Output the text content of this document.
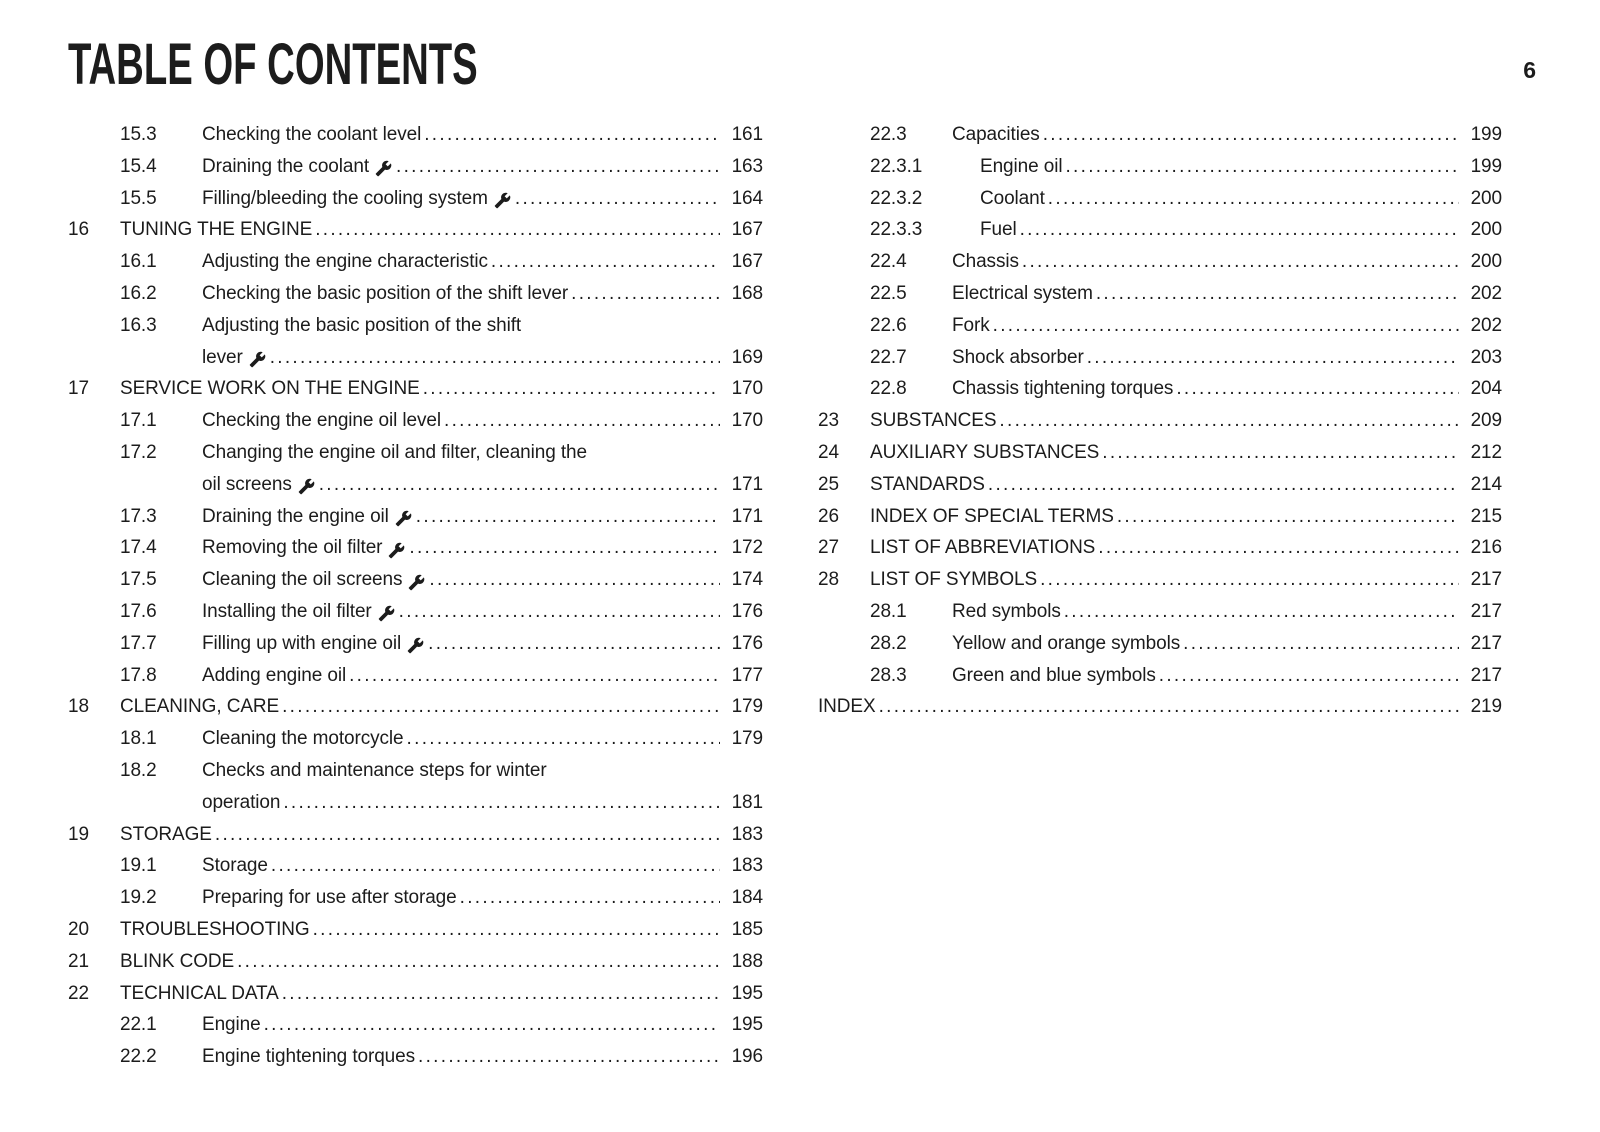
TABLE OF CONTENTS	6
15.3	Checking the coolant level .....	161
15.4	Draining the coolant .....	163
15.5	Filling/bleeding the cooling system .....	164
16	TUNING THE ENGINE .....	167
16.1	Adjusting the engine characteristic .....	167
16.2	Checking the basic position of the shift lever .....	168
16.3	Adjusting the basic position of the shift
lever .....	169
17	SERVICE WORK ON THE ENGINE .....	170
17.1	Checking the engine oil level .....	170
17.2	Changing the engine oil and filter, cleaning the
oil screens .....	171
17.3	Draining the engine oil .....	171
17.4	Removing the oil filter .....	172
17.5	Cleaning the oil screens .....	174
17.6	Installing the oil filter .....	176
17.7	Filling up with engine oil .....	176
17.8	Adding engine oil .....	177
18	CLEANING, CARE .....	179
18.1	Cleaning the motorcycle .....	179
18.2	Checks and maintenance steps for winter
operation .....	181
19	STORAGE .....	183
19.1	Storage .....	183
19.2	Preparing for use after storage .....	184
20	TROUBLESHOOTING .....	185
21	BLINK CODE .....	188
22	TECHNICAL DATA .....	195
22.1	Engine .....	195
22.2	Engine tightening torques .....	196
22.3	Capacities .....	199
22.3.1	Engine oil .....	199
22.3.2	Coolant .....	200
22.3.3	Fuel .....	200
22.4	Chassis .....	200
22.5	Electrical system .....	202
22.6	Fork .....	202
22.7	Shock absorber .....	203
22.8	Chassis tightening torques .....	204
23	SUBSTANCES .....	209
24	AUXILIARY SUBSTANCES .....	212
25	STANDARDS .....	214
26	INDEX OF SPECIAL TERMS .....	215
27	LIST OF ABBREVIATIONS .....	216
28	LIST OF SYMBOLS .....	217
28.1	Red symbols .....	217
28.2	Yellow and orange symbols .....	217
28.3	Green and blue symbols .....	217
INDEX .....	219
